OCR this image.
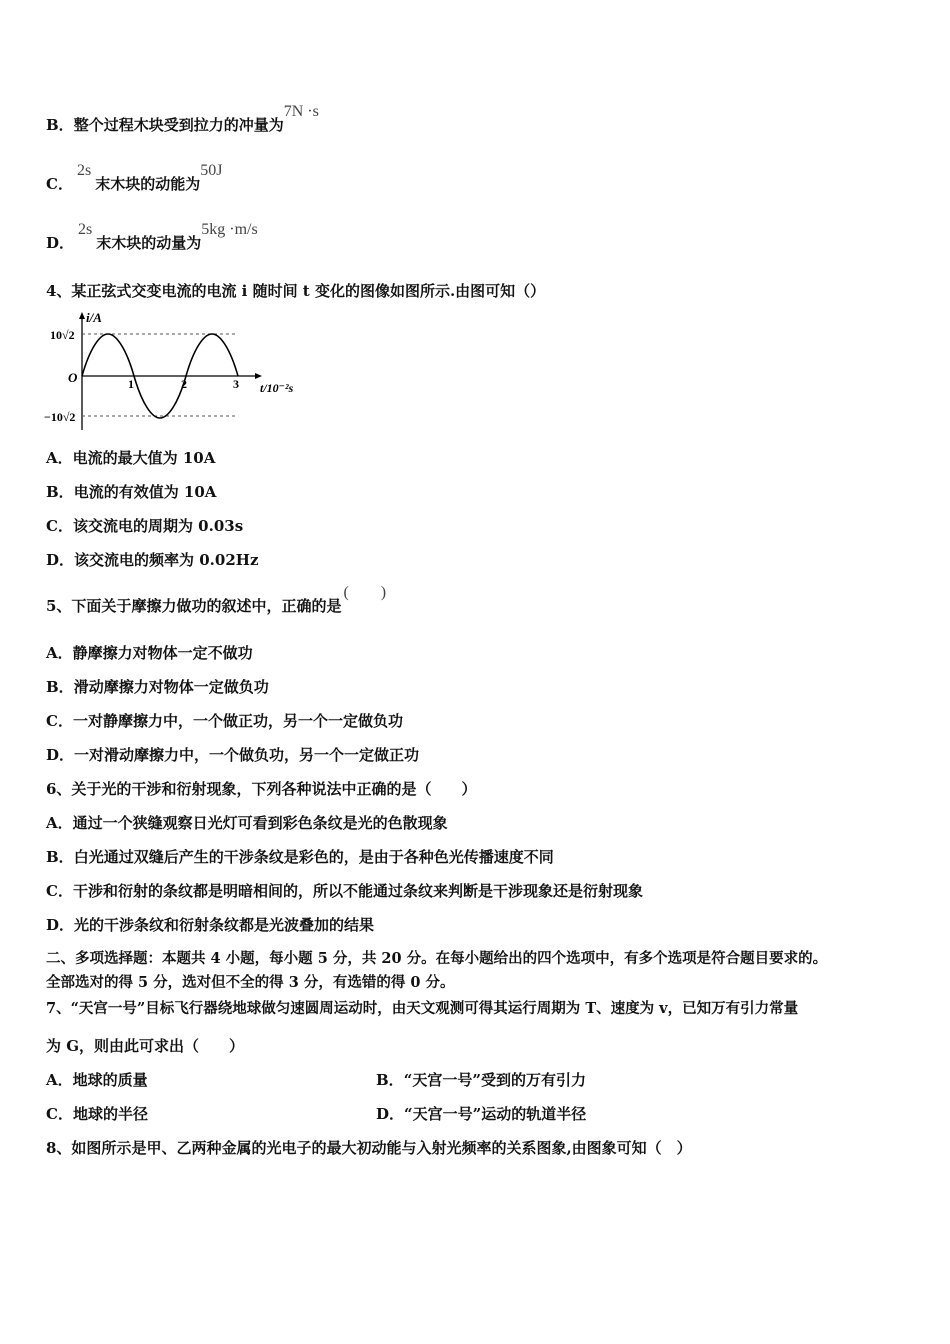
B．整个过程木块受到拉力的冲量为7N ·s
C．2s末木块的动能为50J
D．2s末木块的动量为5kg ·m/s
4、某正弦式交变电流的电流 i 随时间 t 变化的图像如图所示.由图可知（）
i/A
10√2
O
−10√2
1	2	3 t/10⁻²s
A．电流的最大值为 10A
B．电流的有效值为 10A
C．该交流电的周期为 0.03s
D．该交流电的频率为 0.02Hz
5、下面关于摩擦力做功的叙述中，正确的是(　　)
A．静摩擦力对物体一定不做功
B．滑动摩擦力对物体一定做负功
C．一对静摩擦力中，一个做正功，另一个一定做负功
D．一对滑动摩擦力中，一个做负功，另一个一定做正功
6、关于光的干涉和衍射现象，下列各种说法中正确的是（　　）
A．通过一个狭缝观察日光灯可看到彩色条纹是光的色散现象
B．白光通过双缝后产生的干涉条纹是彩色的，是由于各种色光传播速度不同
C．干涉和衍射的条纹都是明暗相间的，所以不能通过条纹来判断是干涉现象还是衍射现象
D．光的干涉条纹和衍射条纹都是光波叠加的结果
二、多项选择题：本题共 4 小题，每小题 5 分，共 20 分。在每小题给出的四个选项中，有多个选项是符合题目要求的。
全部选对的得 5 分，选对但不全的得 3 分，有选错的得 0 分。
7、“天宫一号”目标飞行器绕地球做匀速圆周运动时，由天文观测可得其运行周期为 T、速度为 v，已知万有引力常量
为 G，则由此可求出（　　）
A．地球的质量	B．“天宫一号”受到的万有引力
C．地球的半径	D．“天宫一号”运动的轨道半径
8、如图所示是甲、乙两种金属的光电子的最大初动能与入射光频率的关系图象,由图象可知（　）
